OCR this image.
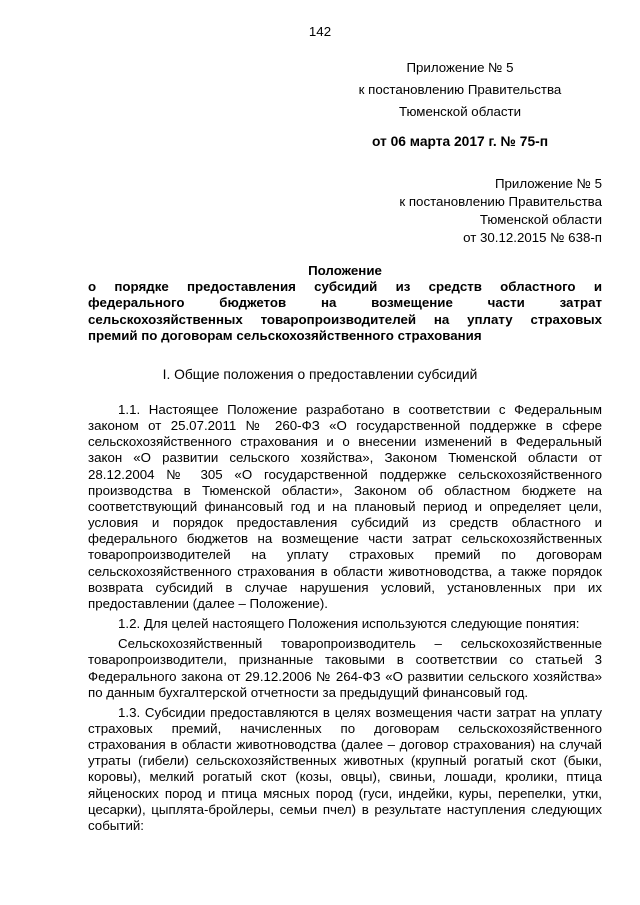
142
Приложение № 5
к постановлению Правительства
Тюменской области
от 06 марта 2017 г. № 75-п
Приложение № 5
к постановлению Правительства
Тюменской области
от 30.12.2015 № 638-п
Положение
о порядке предоставления субсидий из средств областного и
федерального бюджетов на возмещение части затрат
сельскохозяйственных товаропроизводителей на уплату страховых
премий по договорам сельскохозяйственного страхования
I. Общие положения о предоставлении субсидий

1.1. Настоящее Положение разработано в соответствии с Федеральным законом от 25.07.2011 № 260-ФЗ «О государственной поддержке в сфере сельскохозяйственного страхования и о внесении изменений в Федеральный закон «О развитии сельского хозяйства», Законом Тюменской области от 28.12.2004 № 305 «О государственной поддержке сельскохозяйственного производства в Тюменской области», Законом об областном бюджете на соответствующий финансовый год и на плановый период и определяет цели, условия и порядок предоставления субсидий из средств областного и федерального бюджетов на возмещение части затрат сельскохозяйственных товаропроизводителей на уплату страховых премий по договорам сельскохозяйственного страхования в области животноводства, а также порядок возврата субсидий в случае нарушения условий, установленных при их предоставлении (далее – Положение).

1.2. Для целей настоящего Положения используются следующие понятия:

Сельскохозяйственный товаропроизводитель – сельскохозяйственные товаропроизводители, признанные таковыми в соответствии со статьей 3 Федерального закона от 29.12.2006 № 264-ФЗ «О развитии сельского хозяйства» по данным бухгалтерской отчетности за предыдущий финансовый год.

1.3. Субсидии предоставляются в целях возмещения части затрат на уплату страховых премий, начисленных по договорам сельскохозяйственного страхования в области животноводства (далее – договор страхования) на случай утраты (гибели) сельскохозяйственных животных (крупный рогатый скот (быки, коровы), мелкий рогатый скот (козы, овцы), свиньи, лошади, кролики, птица яйценоских пород и птица мясных пород (гуси, индейки, куры, перепелки, утки, цесарки), цыплята-бройлеры, семьи пчел) в результате наступления следующих событий:
